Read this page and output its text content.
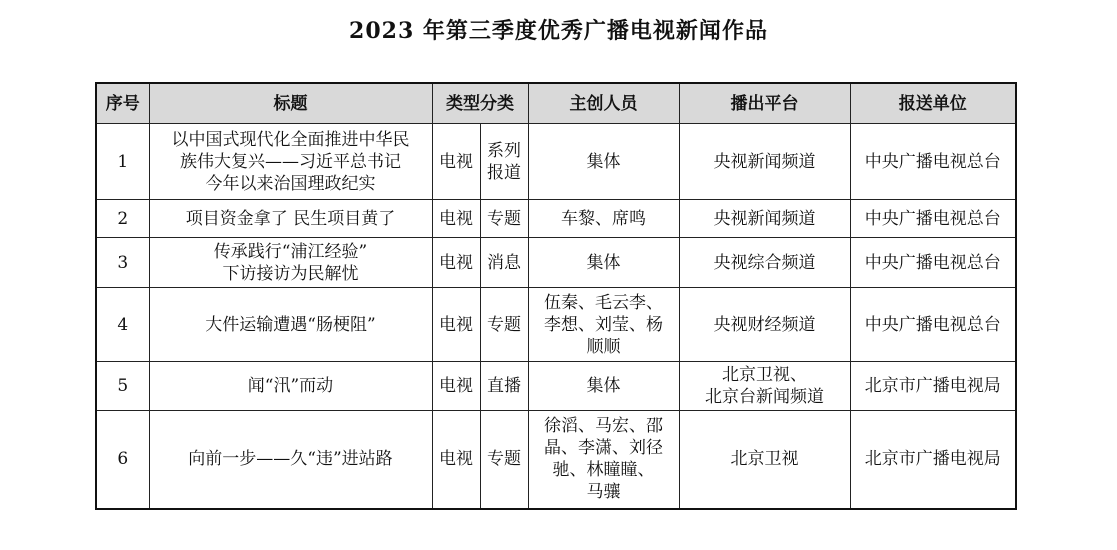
2023 年第三季度优秀广播电视新闻作品
序号	标题	类型分类		主创人员	播出平台	报送单位

1	以中国式现代化全面推进中华民
族伟大复兴——习近平总书记
今年以来治国理政纪实	电视	系列
报道	集体	央视新闻频道	中央广播电视总台

2	项目资金拿了 民生项目黄了	电视	专题	车黎、席鸣	央视新闻频道	中央广播电视总台

3	传承践行“浦江经验”
下访接访为民解忧	电视	消息	集体	央视综合频道	中央广播电视总台

4	大件运输遭遇“肠梗阻”	电视	专题	伍秦、毛云李、
李想、刘莹、杨
顺顺	央视财经频道	中央广播电视总台

5	闻“汛”而动	电视	直播	集体	北京卫视、
北京台新闻频道	北京市广播电视局

6	向前一步——久“违”进站路	电视	专题	徐滔、马宏、邵
晶、李潇、刘径
驰、林瞳瞳、
马骧	北京卫视	北京市广播电视局
